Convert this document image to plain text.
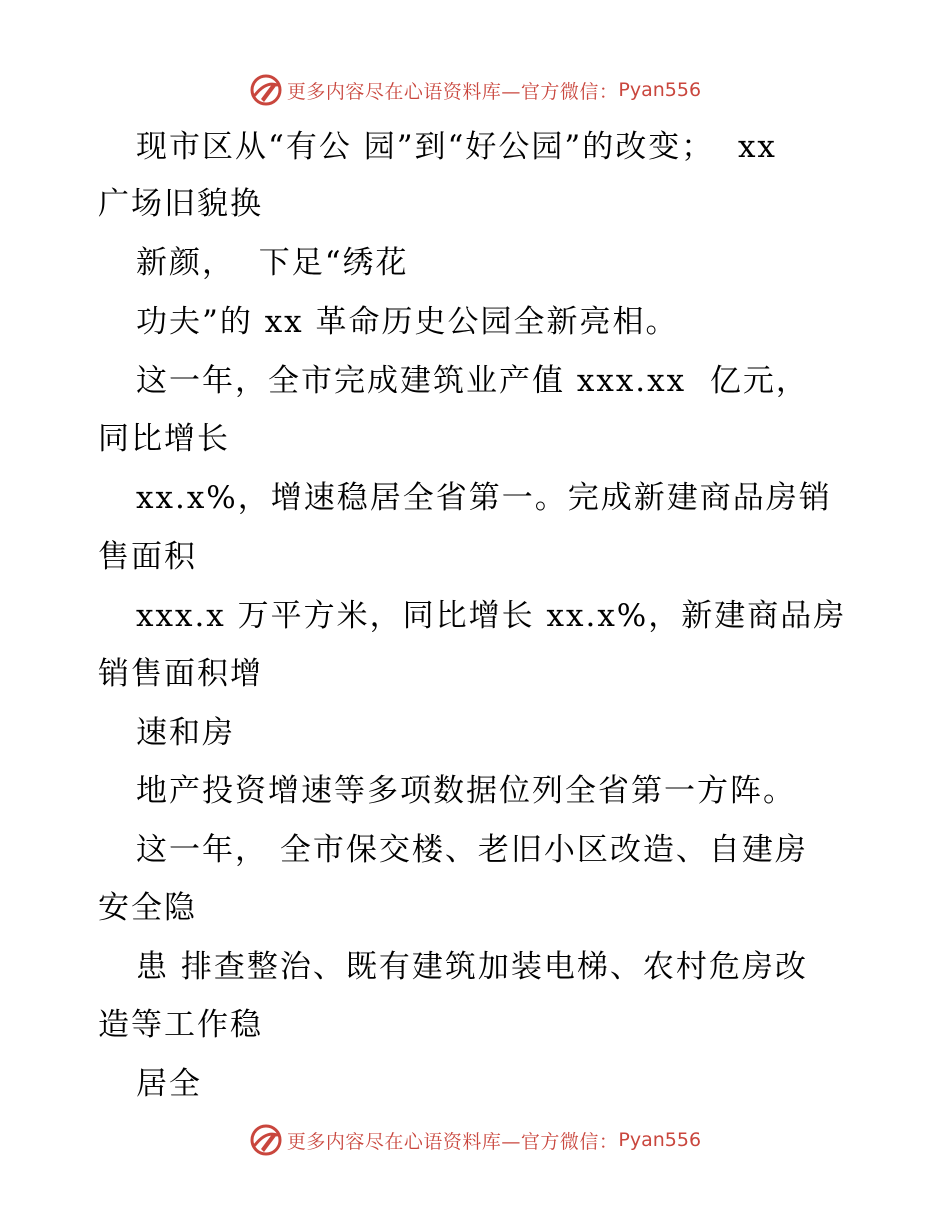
更多内容尽在心语资料库—官方微信： Pyan556
现市区从“有公 园”到“好公园”的改变；  xx
广场旧貌换
新颜，  下足“绣花
功夫”的 xx 革命历史公园全新亮相。
这一年，全市完成建筑业产值 xxx.xx  亿元，
同比增长
xx.x%，增速稳居全省第一。完成新建商品房销
售面积
xxx.x 万平方米，同比增长 xx.x%，新建商品房
销售面积增
速和房
地产投资增速等多项数据位列全省第一方阵。
这一年， 全市保交楼、老旧小区改造、自建房
安全隐
患 排查整治、既有建筑加装电梯、农村危房改
造等工作稳
居全
更多内容尽在心语资料库—官方微信： Pyan556
